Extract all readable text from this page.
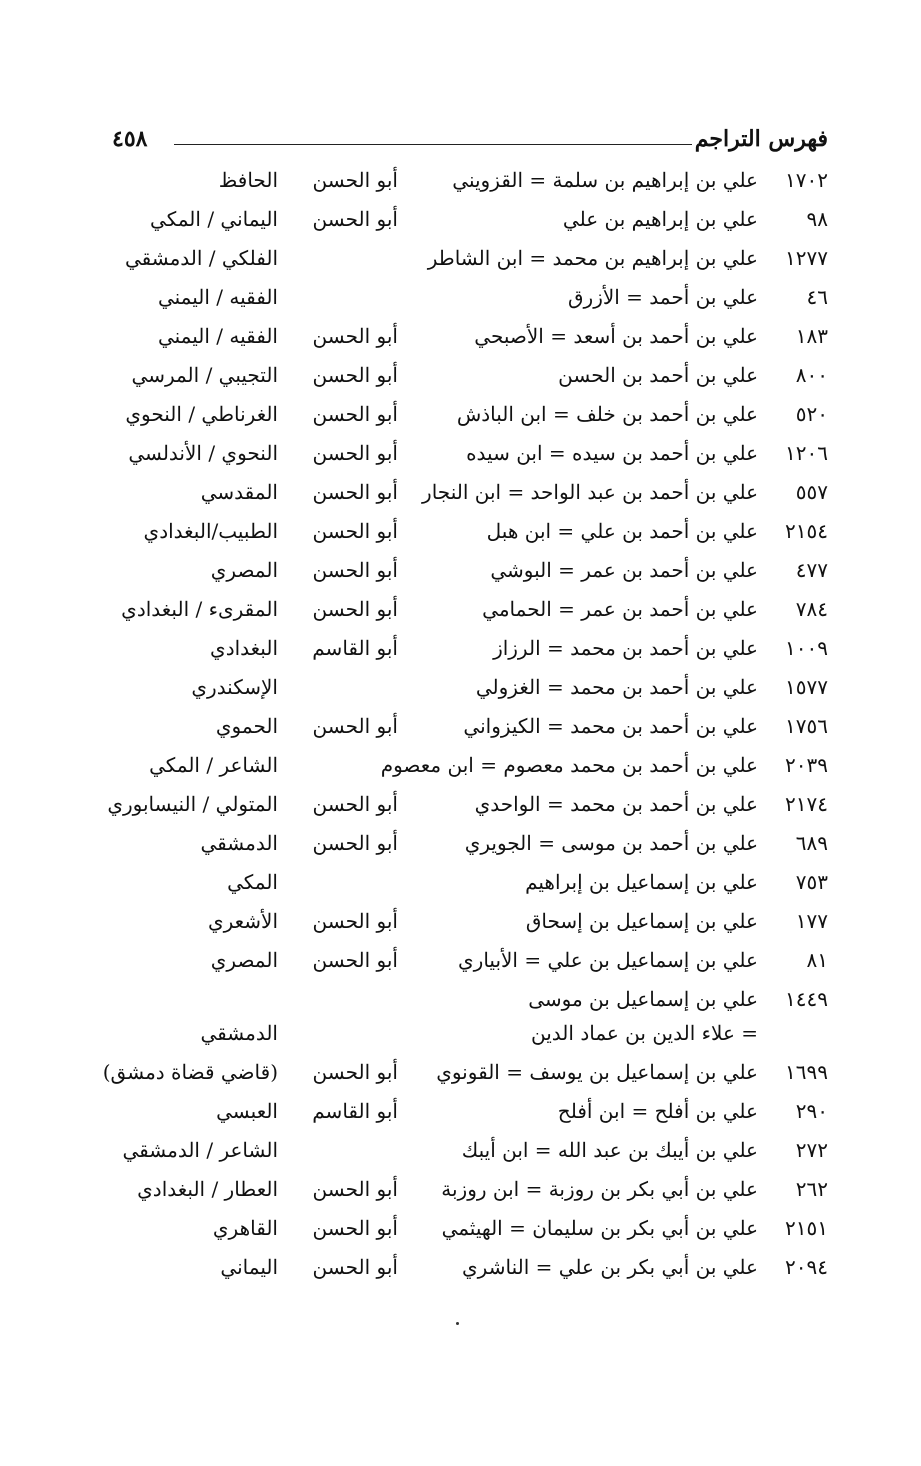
فهرس التراجم
٤٥٨
١٧٠٢
علي بن إبراهيم بن سلمة = القزويني
أبو الحسن
الحافظ
٩٨
علي بن إبراهيم بن علي
أبو الحسن
اليماني / المكي
١٢٧٧
علي بن إبراهيم بن محمد = ابن الشاطر
الفلكي / الدمشقي
٤٦
علي بن أحمد = الأزرق
الفقيه / اليمني
١٨٣
علي بن أحمد بن أسعد = الأصبحي
أبو الحسن
الفقيه / اليمني
٨٠٠
علي بن أحمد بن الحسن
أبو الحسن
التجيبي / المرسي
٥٢٠
علي بن أحمد بن خلف = ابن الباذش
أبو الحسن
الغرناطي / النحوي
١٢٠٦
علي بن أحمد بن سيده = ابن سيده
أبو الحسن
النحوي / الأندلسي
٥٥٧
علي بن أحمد بن عبد الواحد = ابن النجار
أبو الحسن
المقدسي
٢١٥٤
علي بن أحمد بن علي = ابن هبل
أبو الحسن
الطبيب/البغدادي
٤٧٧
علي بن أحمد بن عمر = البوشي
أبو الحسن
المصري
٧٨٤
علي بن أحمد بن عمر = الحمامي
أبو الحسن
المقرىء / البغدادي
١٠٠٩
علي بن أحمد بن محمد = الرزاز
أبو القاسم
البغدادي
١٥٧٧
علي بن أحمد بن محمد = الغزولي
الإسكندري
١٧٥٦
علي بن أحمد بن محمد = الكيزواني
أبو الحسن
الحموي
٢٠٣٩
علي بن أحمد بن محمد معصوم = ابن معصوم
الشاعر / المكي
٢١٧٤
علي بن أحمد بن محمد = الواحدي
أبو الحسن
المتولي / النيسابوري
٦٨٩
علي بن أحمد بن موسى = الجويري
أبو الحسن
الدمشقي
٧٥٣
علي بن إسماعيل بن إبراهيم
المكي
١٧٧
علي بن إسماعيل بن إسحاق
أبو الحسن
الأشعري
٨١
علي بن إسماعيل بن علي = الأبياري
أبو الحسن
المصري
١٤٤٩
علي بن إسماعيل بن موسى
= علاء الدين بن عماد الدين
الدمشقي
١٦٩٩
علي بن إسماعيل بن يوسف = القونوي
أبو الحسن
(قاضي قضاة دمشق)
٢٩٠
علي بن أفلح = ابن أفلح
أبو القاسم
العبسي
٢٧٢
علي بن أيبك بن عبد الله = ابن أيبك
الشاعر / الدمشقي
٢٦٢
علي بن أبي بكر بن روزبة = ابن روزبة
أبو الحسن
العطار / البغدادي
٢١٥١
علي بن أبي بكر بن سليمان = الهيثمي
أبو الحسن
القاهري
٢٠٩٤
علي بن أبي بكر بن علي = الناشري
أبو الحسن
اليماني
